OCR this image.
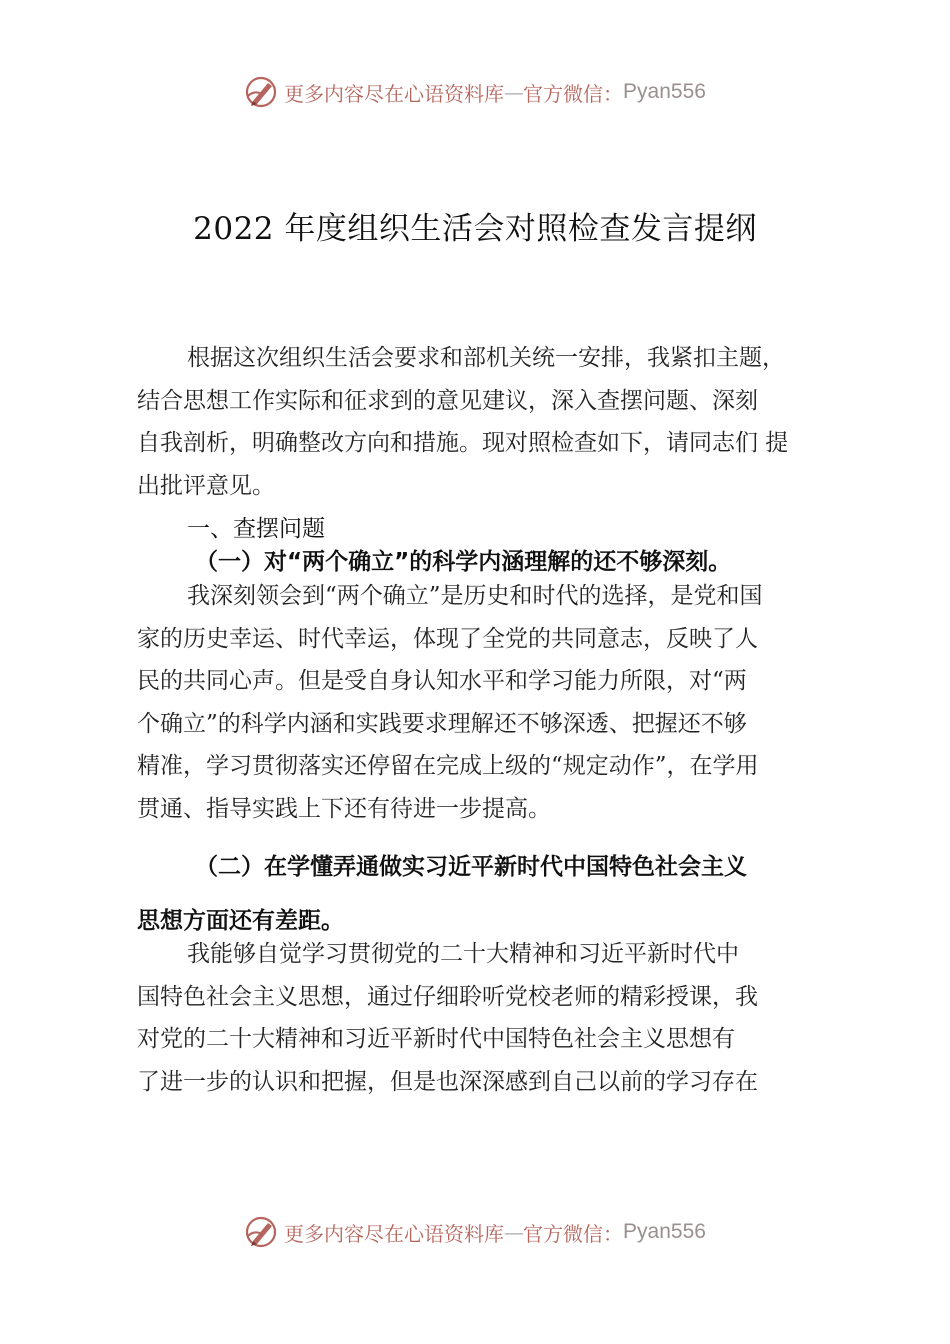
更多内容尽在心语资料库 — 官方微信： Pyan556
2022 年度组织生活会对照检查发言提纲
根据这次组织生活会要求和部机关统一安排，我紧扣主题，
结合思想工作实际和征求到的意见建议，深入查摆问题、深刻
自我剖析，明确整改方向和措施。现对照检查如下，请同志们 提
出批评意见。
一、查摆问题
（一）对“两个确立”的科学内涵理解的还不够深刻。
我深刻领会到“两个确立”是历史和时代的选择，是党和国
家的历史幸运、时代幸运，体现了全党的共同意志，反映了人
民的共同心声。但是受自身认知水平和学习能力所限，对“两
个确立”的科学内涵和实践要求理解还不够深透、把握还不够
精准，学习贯彻落实还停留在完成上级的“规定动作”，在学用
贯通、指导实践上下还有待进一步提高。
（二）在学懂弄通做实习近平新时代中国特色社会主义
思想方面还有差距。
我能够自觉学习贯彻党的二十大精神和习近平新时代中
国特色社会主义思想，通过仔细聆听党校老师的精彩授课，我
对党的二十大精神和习近平新时代中国特色社会主义思想有
了进一步的认识和把握，但是也深深感到自己以前的学习存在
更多内容尽在心语资料库 — 官方微信： Pyan556
